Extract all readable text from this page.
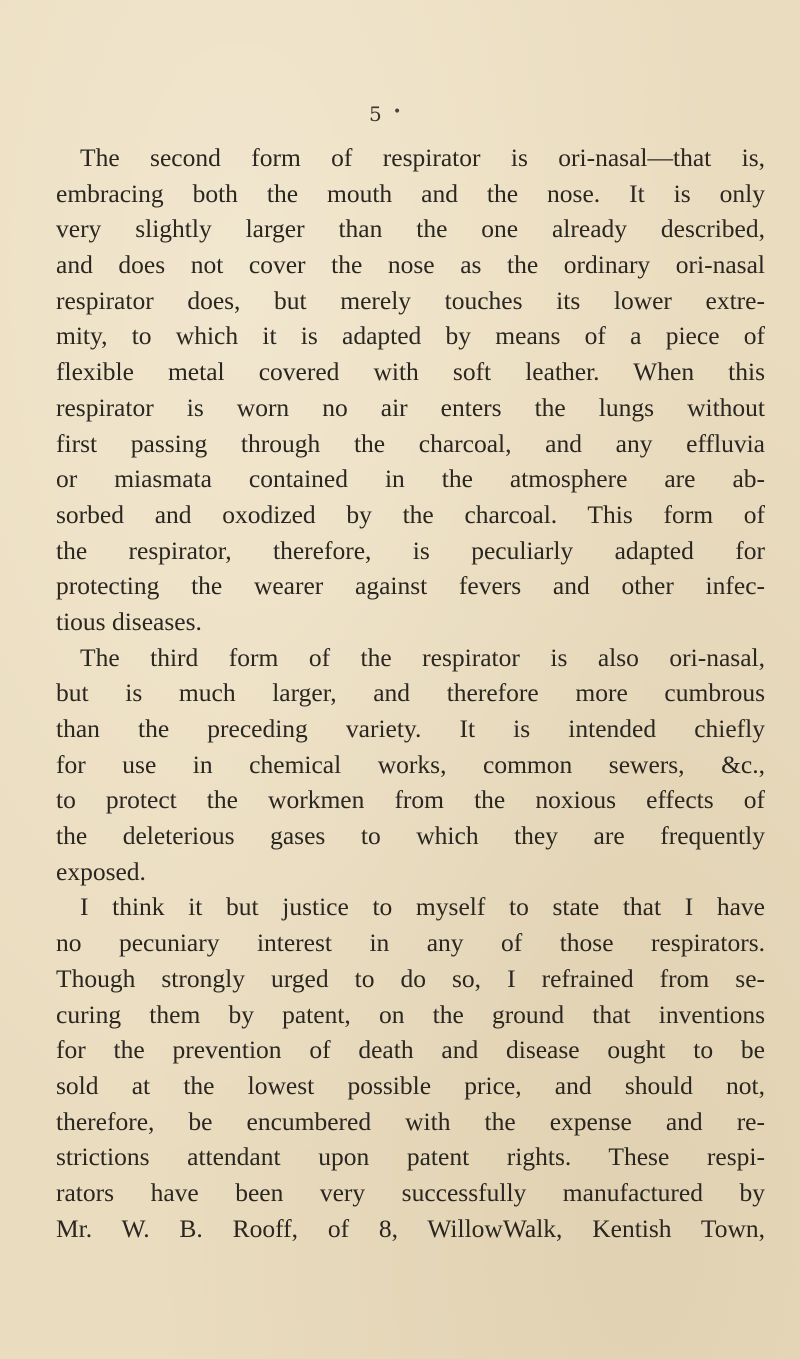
5 •
The second form of respirator is ori-nasal—that is,
embracing both the mouth and the nose. It is only
very slightly larger than the one already described,
and does not cover the nose as the ordinary ori-nasal
respirator does, but merely touches its lower extre-
mity, to which it is adapted by means of a piece of
flexible metal covered with soft leather. When this
respirator is worn no air enters the lungs without
first passing through the charcoal, and any effluvia
or miasmata contained in the atmosphere are ab-
sorbed and oxodized by the charcoal. This form of
the respirator, therefore, is peculiarly adapted for
protecting the wearer against fevers and other infec-
tious diseases.
The third form of the respirator is also ori-nasal,
but is much larger, and therefore more cumbrous
than the preceding variety. It is intended chiefly
for use in chemical works, common sewers, &c.,
to protect the workmen from the noxious effects of
the deleterious gases to which they are frequently
exposed.
I think it but justice to myself to state that I have
no pecuniary interest in any of those respirators.
Though strongly urged to do so, I refrained from se-
curing them by patent, on the ground that inventions
for the prevention of death and disease ought to be
sold at the lowest possible price, and should not,
therefore, be encumbered with the expense and re-
strictions attendant upon patent rights. These respi-
rators have been very successfully manufactured by
Mr. W. B. Rooff, of 8, WillowWalk, Kentish Town,
